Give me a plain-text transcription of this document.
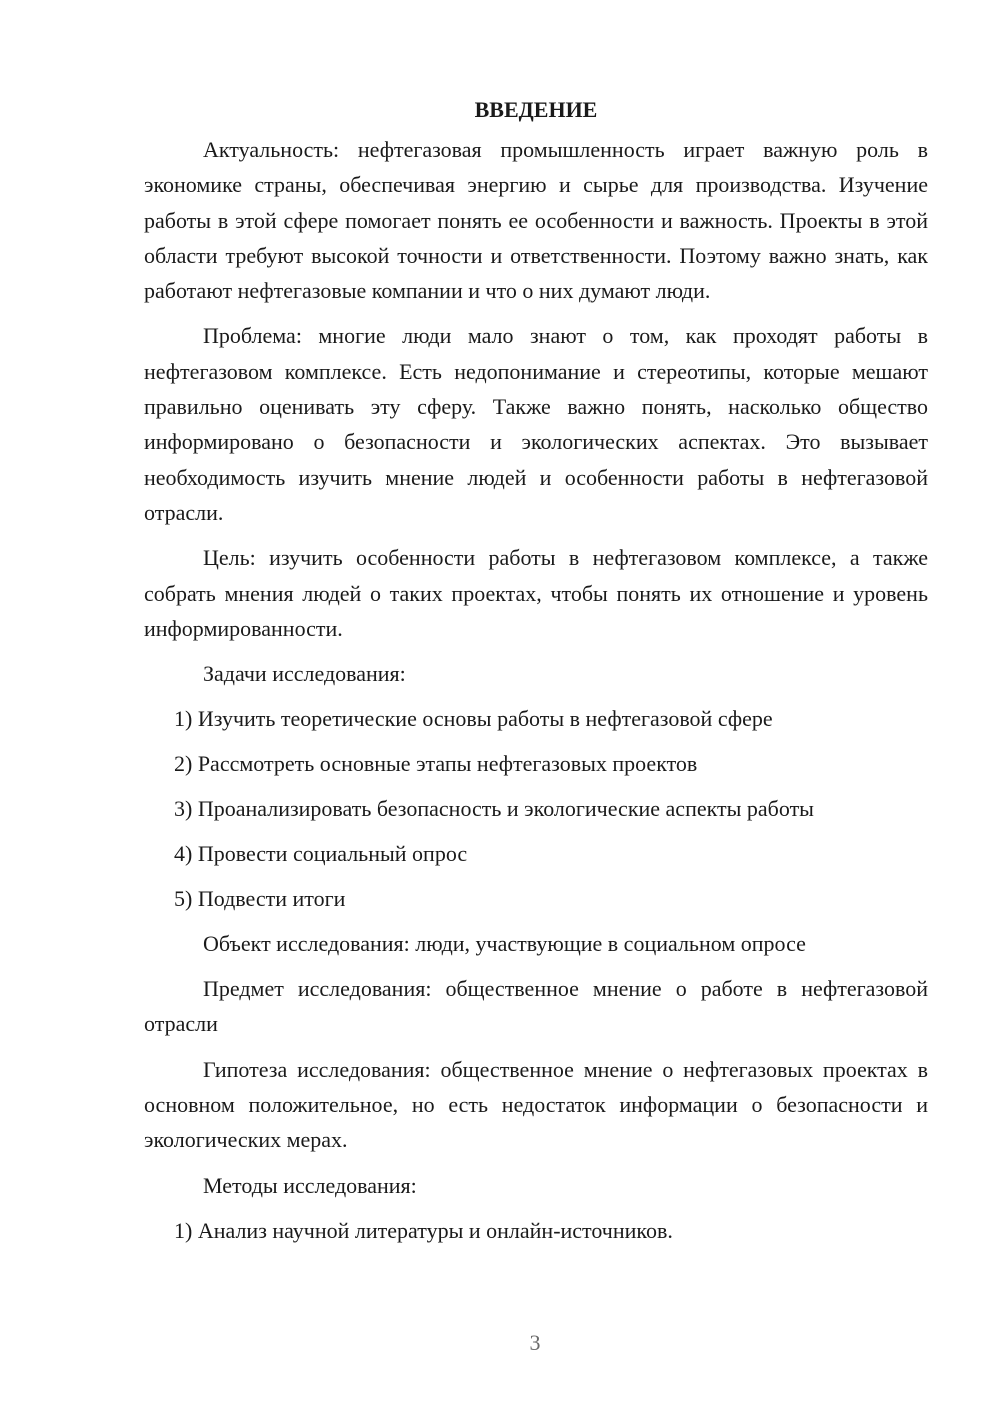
ВВЕДЕНИЕ

Актуальность: нефтегазовая промышленность играет важную роль в экономике страны, обеспечивая энергию и сырье для производства. Изучение работы в этой сфере помогает понять ее особенности и важность. Проекты в этой области требуют высокой точности и ответственности. Поэтому важно знать, как работают нефтегазовые компании и что о них думают люди.

Проблема: многие люди мало знают о том, как проходят работы в нефтегазовом комплексе. Есть недопонимание и стереотипы, которые мешают правильно оценивать эту сферу. Также важно понять, насколько общество информировано о безопасности и экологических аспектах. Это вызывает необходимость изучить мнение людей и особенности работы в нефтегазовой отрасли.

Цель: изучить особенности работы в нефтегазовом комплексе, а также собрать мнения людей о таких проектах, чтобы понять их отношение и уровень информированности.

Задачи исследования:

1) Изучить теоретические основы работы в нефтегазовой сфере
2) Рассмотреть основные этапы нефтегазовых проектов
3) Проанализировать безопасность и экологические аспекты работы
4) Провести социальный опрос
5) Подвести итоги

Объект исследования: люди, участвующие в социальном опросе

Предмет исследования: общественное мнение о работе в нефтегазовой отрасли

Гипотеза исследования: общественное мнение о нефтегазовых проектах в основном положительное, но есть недостаток информации о безопасности и экологических мерах.

Методы исследования:

1) Анализ научной литературы и онлайн-источников.
3
